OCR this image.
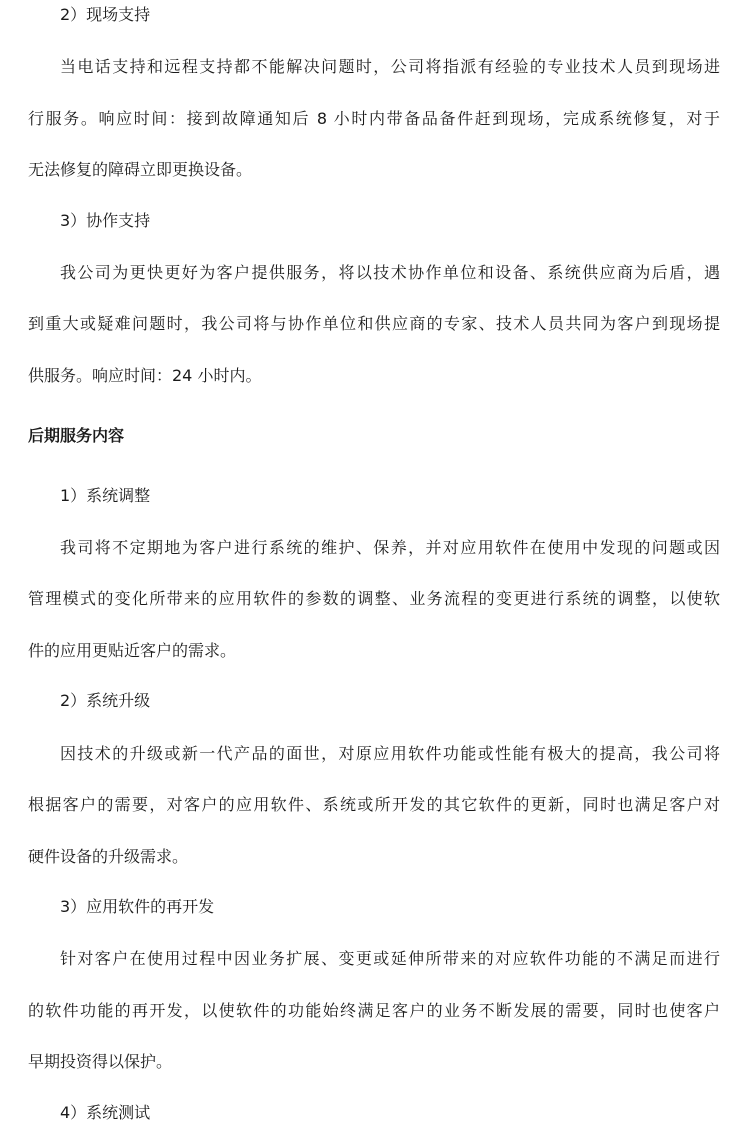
2）现场支持

当电话支持和远程支持都不能解决问题时，公司将指派有经验的专业技术人员到现场进

行服务。响应时间：接到故障通知后 8 小时内带备品备件赶到现场，完成系统修复，对于

无法修复的障碍立即更换设备。

3）协作支持

我公司为更快更好为客户提供服务，将以技术协作单位和设备、系统供应商为后盾，遇

到重大或疑难问题时，我公司将与协作单位和供应商的专家、技术人员共同为客户到现场提

供服务。响应时间：24 小时内。

后期服务内容

1）系统调整

我司将不定期地为客户进行系统的维护、保养，并对应用软件在使用中发现的问题或因

管理模式的变化所带来的应用软件的参数的调整、业务流程的变更进行系统的调整，以使软

件的应用更贴近客户的需求。

2）系统升级

因技术的升级或新一代产品的面世，对原应用软件功能或性能有极大的提高，我公司将

根据客户的需要，对客户的应用软件、系统或所开发的其它软件的更新，同时也满足客户对

硬件设备的升级需求。

3）应用软件的再开发

针对客户在使用过程中因业务扩展、变更或延伸所带来的对应软件功能的不满足而进行

的软件功能的再开发，以使软件的功能始终满足客户的业务不断发展的需要，同时也使客户

早期投资得以保护。

4）系统测试
